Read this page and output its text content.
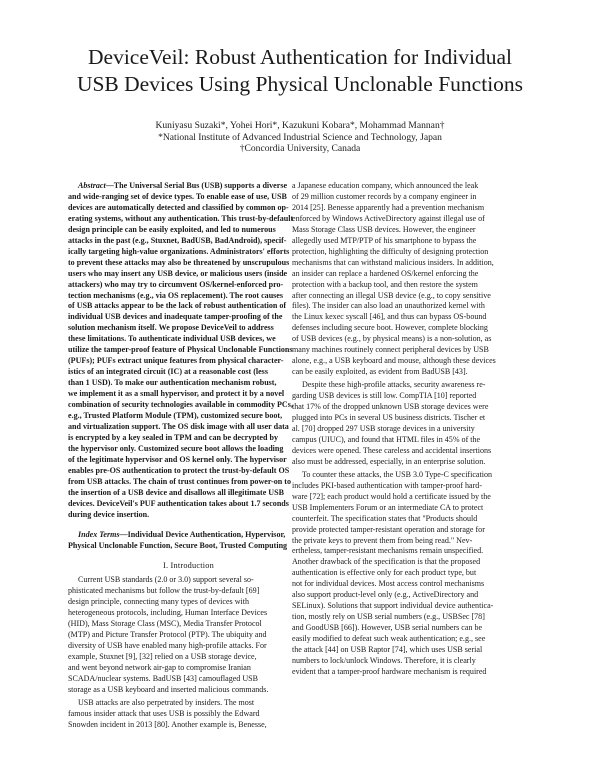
DeviceVeil: Robust Authentication for Individual
USB Devices Using Physical Unclonable Functions
Kuniyasu Suzaki*, Yohei Hori*, Kazukuni Kobara*, Mohammad Mannan†
*National Institute of Advanced Industrial Science and Technology, Japan
†Concordia University, Canada
Abstract—The Universal Serial Bus (USB) supports a diverse
and wide-ranging set of device types. To enable ease of use, USB
devices are automatically detected and classified by common op-
erating systems, without any authentication. This trust-by-default
design principle can be easily exploited, and led to numerous
attacks in the past (e.g., Stuxnet, BadUSB, BadAndroid), specif-
ically targeting high-value organizations. Administrators' efforts
to prevent these attacks may also be threatened by unscrupulous
users who may insert any USB device, or malicious users (inside
attackers) who may try to circumvent OS/kernel-enforced pro-
tection mechanisms (e.g., via OS replacement). The root causes
of USB attacks appear to be the lack of robust authentication of
individual USB devices and inadequate tamper-proofing of the
solution mechanism itself. We propose DeviceVeil to address
these limitations. To authenticate individual USB devices, we
utilize the tamper-proof feature of Physical Unclonable Functions
(PUFs); PUFs extract unique features from physical character-
istics of an integrated circuit (IC) at a reasonable cost (less
than 1 USD). To make our authentication mechanism robust,
we implement it as a small hypervisor, and protect it by a novel
combination of security technologies available in commodity PCs,
e.g., Trusted Platform Module (TPM), customized secure boot,
and virtualization support. The OS disk image with all user data
is encrypted by a key sealed in TPM and can be decrypted by
the hypervisor only. Customized secure boot allows the loading
of the legitimate hypervisor and OS kernel only. The hypervisor
enables pre-OS authentication to protect the trust-by-default OS
from USB attacks. The chain of trust continues from power-on to
the insertion of a USB device and disallows all illegitimate USB
devices. DeviceVeil's PUF authentication takes about 1.7 seconds
during device insertion.
Index Terms—Individual Device Authentication, Hypervisor,
Physical Unclonable Function, Secure Boot, Trusted Computing

I. Introduction

Current USB standards (2.0 or 3.0) support several so-
phisticated mechanisms but follow the trust-by-default [69]
design principle, connecting many types of devices with
heterogeneous protocols, including, Human Interface Devices
(HID), Mass Storage Class (MSC), Media Transfer Protocol
(MTP) and Picture Transfer Protocol (PTP). The ubiquity and
diversity of USB have enabled many high-profile attacks. For
example, Stuxnet [9], [32] relied on a USB storage device,
and went beyond network air-gap to compromise Iranian
SCADA/nuclear systems. BadUSB [43] camouflaged USB
storage as a USB keyboard and inserted malicious commands.
USB attacks are also perpetrated by insiders. The most
famous insider attack that uses USB is possibly the Edward
Snowden incident in 2013 [80]. Another example is, Benesse,
a Japanese education company, which announced the leak
of 29 million customer records by a company engineer in
2014 [25]. Benesse apparently had a prevention mechanism
enforced by Windows ActiveDirectory against illegal use of
Mass Storage Class USB devices. However, the engineer
allegedly used MTP/PTP of his smartphone to bypass the
protection, highlighting the difficulty of designing protection
mechanisms that can withstand malicious insiders. In addition,
an insider can replace a hardened OS/kernel enforcing the
protection with a backup tool, and then restore the system
after connecting an illegal USB device (e.g., to copy sensitive
files). The insider can also load an unauthorized kernel with
the Linux kexec syscall [46], and thus can bypass OS-bound
defenses including secure boot. However, complete blocking
of USB devices (e.g., by physical means) is a non-solution, as
many machines routinely connect peripheral devices by USB
alone, e.g., a USB keyboard and mouse, although these devices
can be easily exploited, as evident from BadUSB [43].
Despite these high-profile attacks, security awareness re-
garding USB devices is still low. CompTIA [10] reported
that 17% of the dropped unknown USB storage devices were
plugged into PCs in several US business districts. Tischer et
al. [70] dropped 297 USB storage devices in a university
campus (UIUC), and found that HTML files in 45% of the
devices were opened. These careless and accidental insertions
also must be addressed, especially, in an enterprise solution.
To counter these attacks, the USB 3.0 Type-C specification
includes PKI-based authentication with tamper-proof hard-
ware [72]; each product would hold a certificate issued by the
USB Implementers Forum or an intermediate CA to protect
counterfeit. The specification states that "Products should
provide protected tamper-resistant operation and storage for
the private keys to prevent them from being read." Nev-
ertheless, tamper-resistant mechanisms remain unspecified.
Another drawback of the specification is that the proposed
authentication is effective only for each product type, but
not for individual devices. Most access control mechanisms
also support product-level only (e.g., ActiveDirectory and
SELinux). Solutions that support individual device authentica-
tion, mostly rely on USB serial numbers (e.g., USBSec [78]
and GoodUSB [66]). However, USB serial numbers can be
easily modified to defeat such weak authentication; e.g., see
the attack [44] on USB Raptor [74], which uses USB serial
numbers to lock/unlock Windows. Therefore, it is clearly
evident that a tamper-proof hardware mechanism is required
